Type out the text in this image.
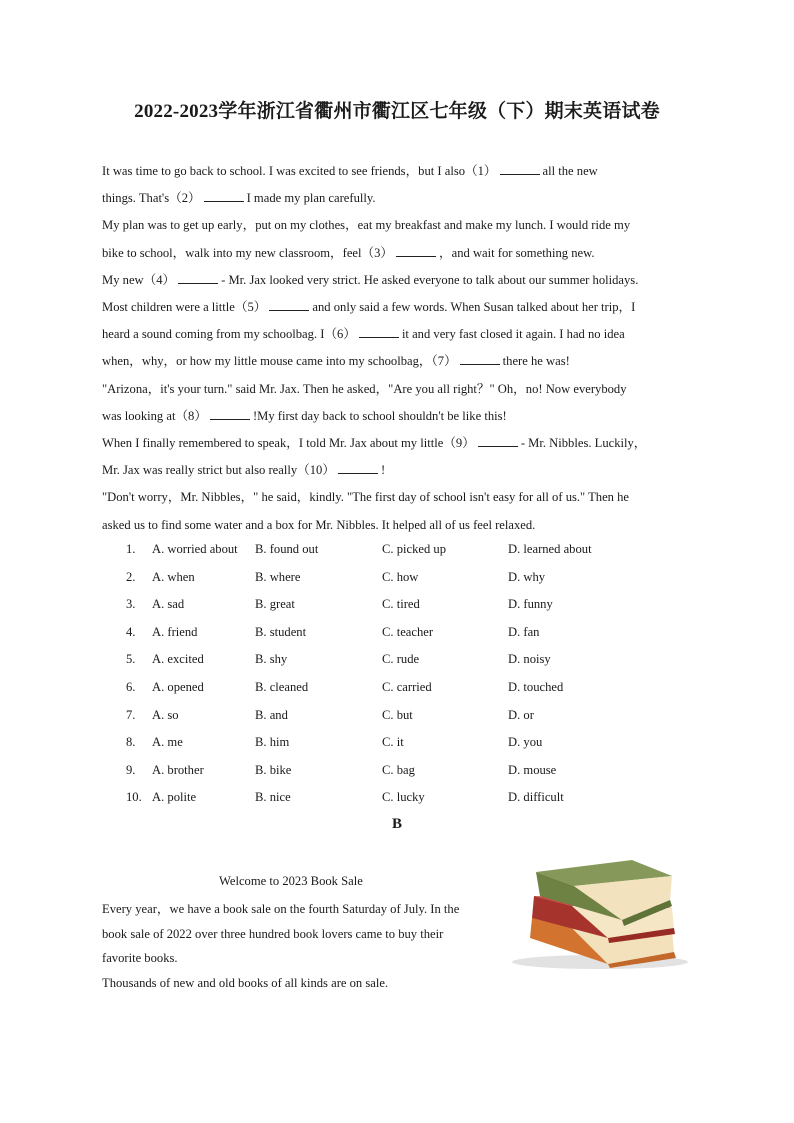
2022-2023学年浙江省衢州市衢江区七年级（下）期末英语试卷

It was time to go back to school. I was excited to see friends，but I also（1）	all the new

things. That's（2）	I made my plan carefully.

My plan was to get up early，put on my clothes，eat my breakfast and make my lunch. I would ride my

bike to school，walk into my new classroom，feel（3）	，and wait for something new.

My new（4）	- Mr. Jax looked very strict. He asked everyone to talk about our summer holidays.

Most children were a little（5）	and only said a few words. When Susan talked about her trip，I

heard a sound coming from my schoolbag. I（6）	it and very fast closed it again. I had no idea

when，why，or how my little mouse came into my schoolbag，（7）	there he was!

"Arizona，it's your turn." said Mr. Jax. Then he asked，"Are you all right？" Oh，no! Now everybody

was looking at（8）	!My first day back to school shouldn't be like this!

When I finally remembered to speak，I told Mr. Jax about my little（9）	- Mr. Nibbles. Luckily，

Mr. Jax was really strict but also really（10）	!

"Don't worry，Mr. Nibbles，" he said，kindly. "The first day of school isn't easy for all of us." Then he

asked us to find some water and a box for Mr. Nibbles. It helped all of us feel relaxed.

1. A. worried about B. found out	C. picked up	D. learned about
2. A. when	B. where	C. how	D. why
3. A. sad	B. great	C. tired	D. funny
4. A. friend	B. student	C. teacher	D. fan
5. A. excited	B. shy	C. rude	D. noisy
6. A. opened	B. cleaned	C. carried	D. touched
7. A. so	B. and	C. but	D. or
8. A. me	B. him	C. it	D. you
9. A. brother	B. bike	C. bag	D. mouse
10. A. polite	B. nice	C. lucky	D. difficult
B
Welcome to 2023 Book Sale

Every year，we have a book sale on the fourth Saturday of July. In the

book sale of 2022 over three hundred book lovers came to buy their

favorite books.

Thousands of new and old books of all kinds are on sale.
